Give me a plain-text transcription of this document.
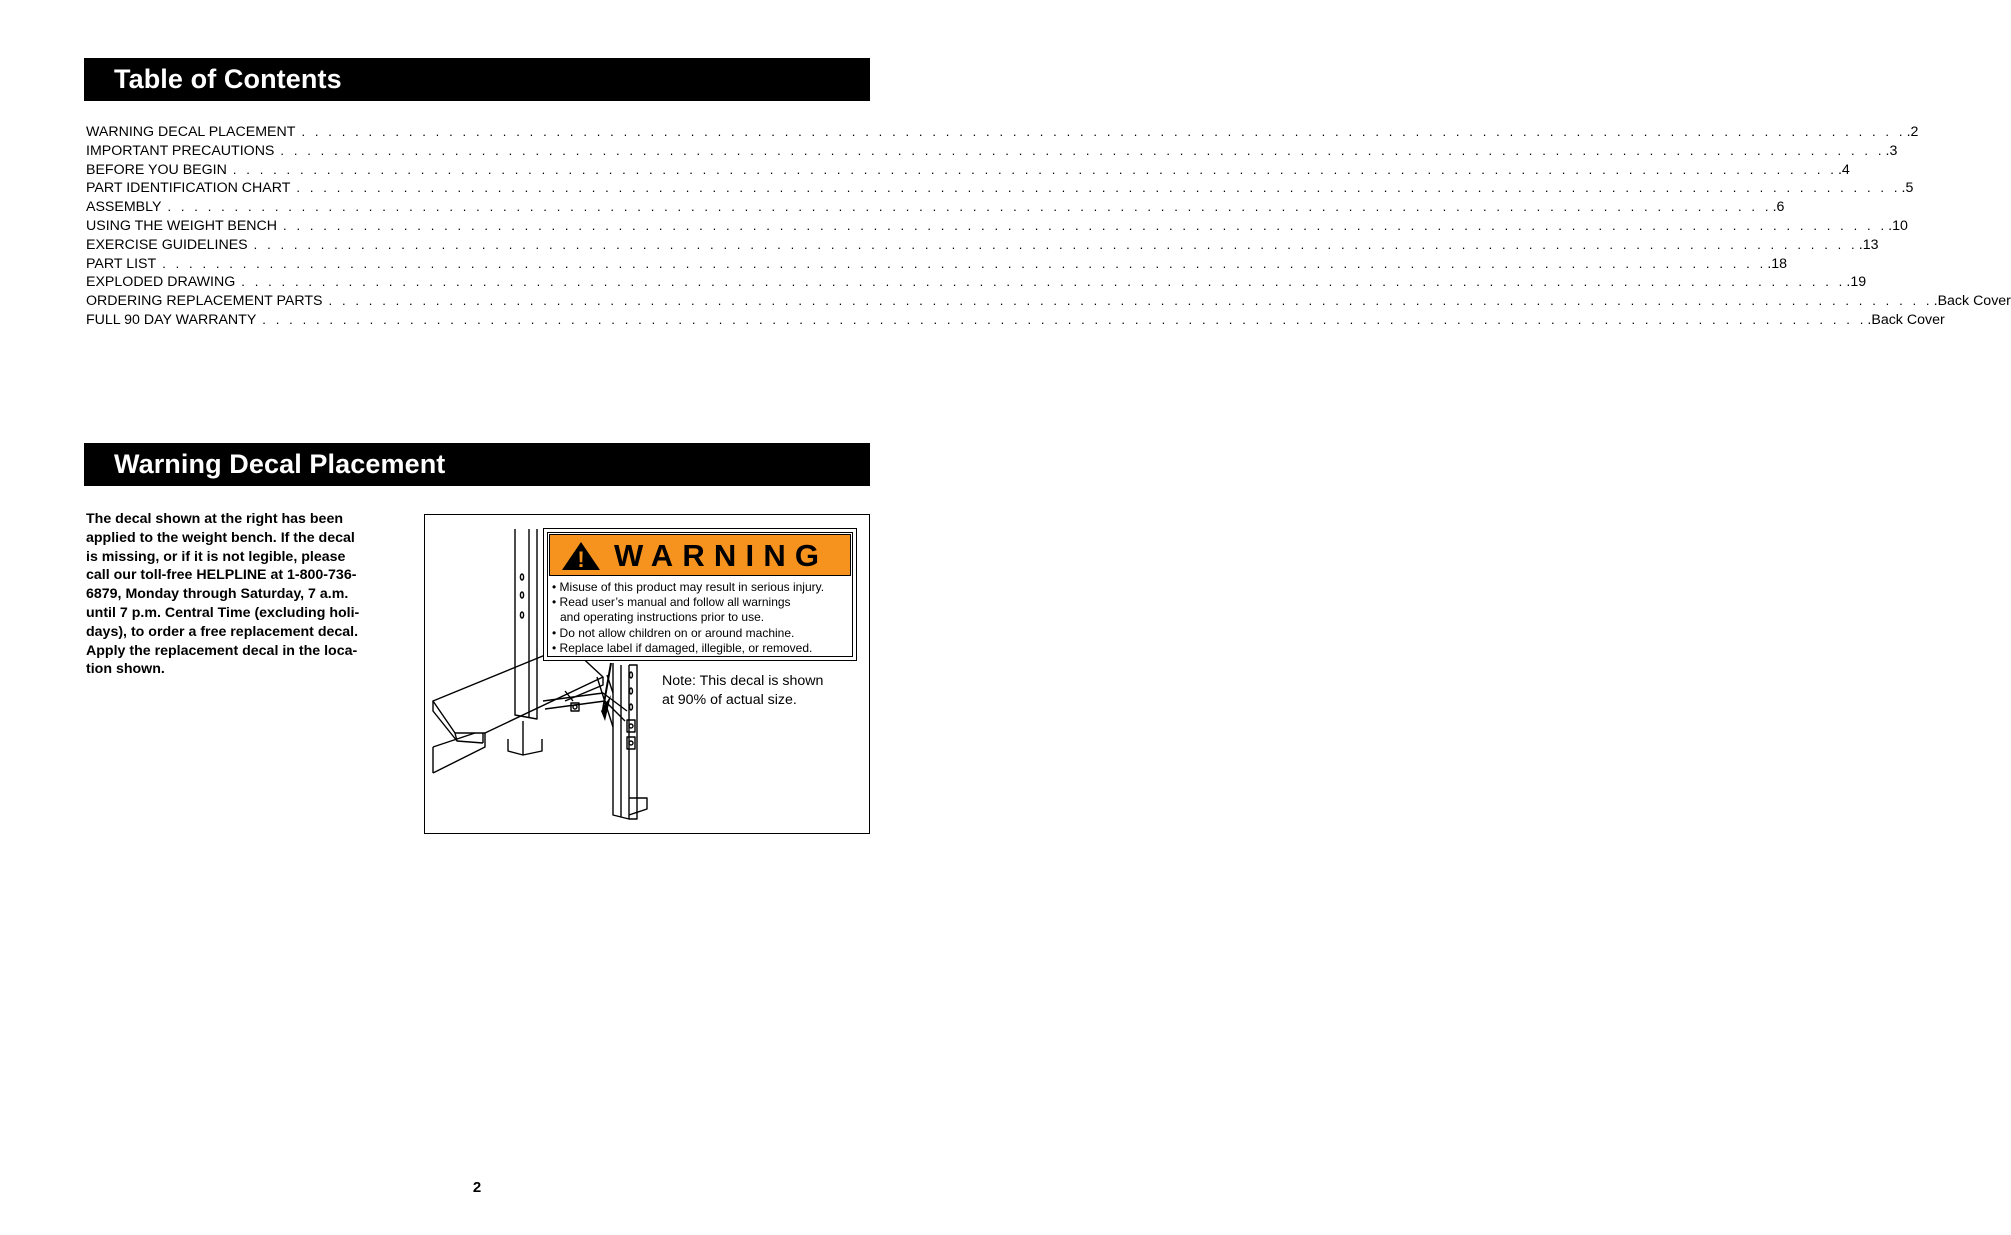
Table of Contents
WARNING DECAL PLACEMENT . . . . . . . . . . . . . . . . . . . . . . . . . . . . . . . . . . . . . . . . . . . . . . . . . . . . . . . . . . . . . . . . . . . . . . . . . . . . . . . . . . . . . . . . . . . . . . . . . . . . . . . . . . . . . . . . . . . . . . . . .2
IMPORTANT PRECAUTIONS . . . . . . . . . . . . . . . . . . . . . . . . . . . . . . . . . . . . . . . . . . . . . . . . . . . . . . . . . . . . . . . . . . . . . . . . . . . . . . . . . . . . . . . . . . . . . . . . . . . . . . . . . . . . . . . . . . . . . . . . .3
BEFORE YOU BEGIN . . . . . . . . . . . . . . . . . . . . . . . . . . . . . . . . . . . . . . . . . . . . . . . . . . . . . . . . . . . . . . . . . . . . . . . . . . . . . . . . . . . . . . . . . . . . . . . . . . . . . . . . . . . . . . . . . . . . . . . . .4
PART IDENTIFICATION CHART . . . . . . . . . . . . . . . . . . . . . . . . . . . . . . . . . . . . . . . . . . . . . . . . . . . . . . . . . . . . . . . . . . . . . . . . . . . . . . . . . . . . . . . . . . . . . . . . . . . . . . . . . . . . . . . . . . . . . . . . .5
ASSEMBLY . . . . . . . . . . . . . . . . . . . . . . . . . . . . . . . . . . . . . . . . . . . . . . . . . . . . . . . . . . . . . . . . . . . . . . . . . . . . . . . . . . . . . . . . . . . . . . . . . . . . . . . . . . . . . . . . . . . . . . . . .6
USING THE WEIGHT BENCH . . . . . . . . . . . . . . . . . . . . . . . . . . . . . . . . . . . . . . . . . . . . . . . . . . . . . . . . . . . . . . . . . . . . . . . . . . . . . . . . . . . . . . . . . . . . . . . . . . . . . . . . . . . . . . . . . . . . . . . . .10
EXERCISE GUIDELINES . . . . . . . . . . . . . . . . . . . . . . . . . . . . . . . . . . . . . . . . . . . . . . . . . . . . . . . . . . . . . . . . . . . . . . . . . . . . . . . . . . . . . . . . . . . . . . . . . . . . . . . . . . . . . . . . . . . . . . . . .13
PART LIST . . . . . . . . . . . . . . . . . . . . . . . . . . . . . . . . . . . . . . . . . . . . . . . . . . . . . . . . . . . . . . . . . . . . . . . . . . . . . . . . . . . . . . . . . . . . . . . . . . . . . . . . . . . . . . . . . . . . . . . . .18
EXPLODED DRAWING . . . . . . . . . . . . . . . . . . . . . . . . . . . . . . . . . . . . . . . . . . . . . . . . . . . . . . . . . . . . . . . . . . . . . . . . . . . . . . . . . . . . . . . . . . . . . . . . . . . . . . . . . . . . . . . . . . . . . . . . .19
ORDERING REPLACEMENT PARTS . . . . . . . . . . . . . . . . . . . . . . . . . . . . . . . . . . . . . . . . . . . . . . . . . . . . . . . . . . . . . . . . . . . . . . . . . . . . . . . . . . . . . . . . . . . . . . . . . . . . . . . . . . . . . . . . . . . . . . . . .Back Cover
FULL 90 DAY WARRANTY . . . . . . . . . . . . . . . . . . . . . . . . . . . . . . . . . . . . . . . . . . . . . . . . . . . . . . . . . . . . . . . . . . . . . . . . . . . . . . . . . . . . . . . . . . . . . . . . . . . . . . . . . . . . . . . . . . . . . . . . .Back Cover
Warning Decal Placement
The decal shown at the right has been
applied to the weight bench. If the decal
is missing, or if it is not legible, please
call our toll-free HELPLINE at 1-800-736-
6879, Monday through Saturday, 7 a.m.
until 7 p.m. Central Time (excluding holi-
days), to order a free replacement decal.
Apply the replacement decal in the loca-
tion shown.
! WARNING
• Misuse of this product may result in serious injury.
• Read user’s manual and follow all warnings
and operating instructions prior to use.
• Do not allow children on or around machine.
• Replace label if damaged, illegible, or removed.
Note: This decal is shown
at 90% of actual size.
2
